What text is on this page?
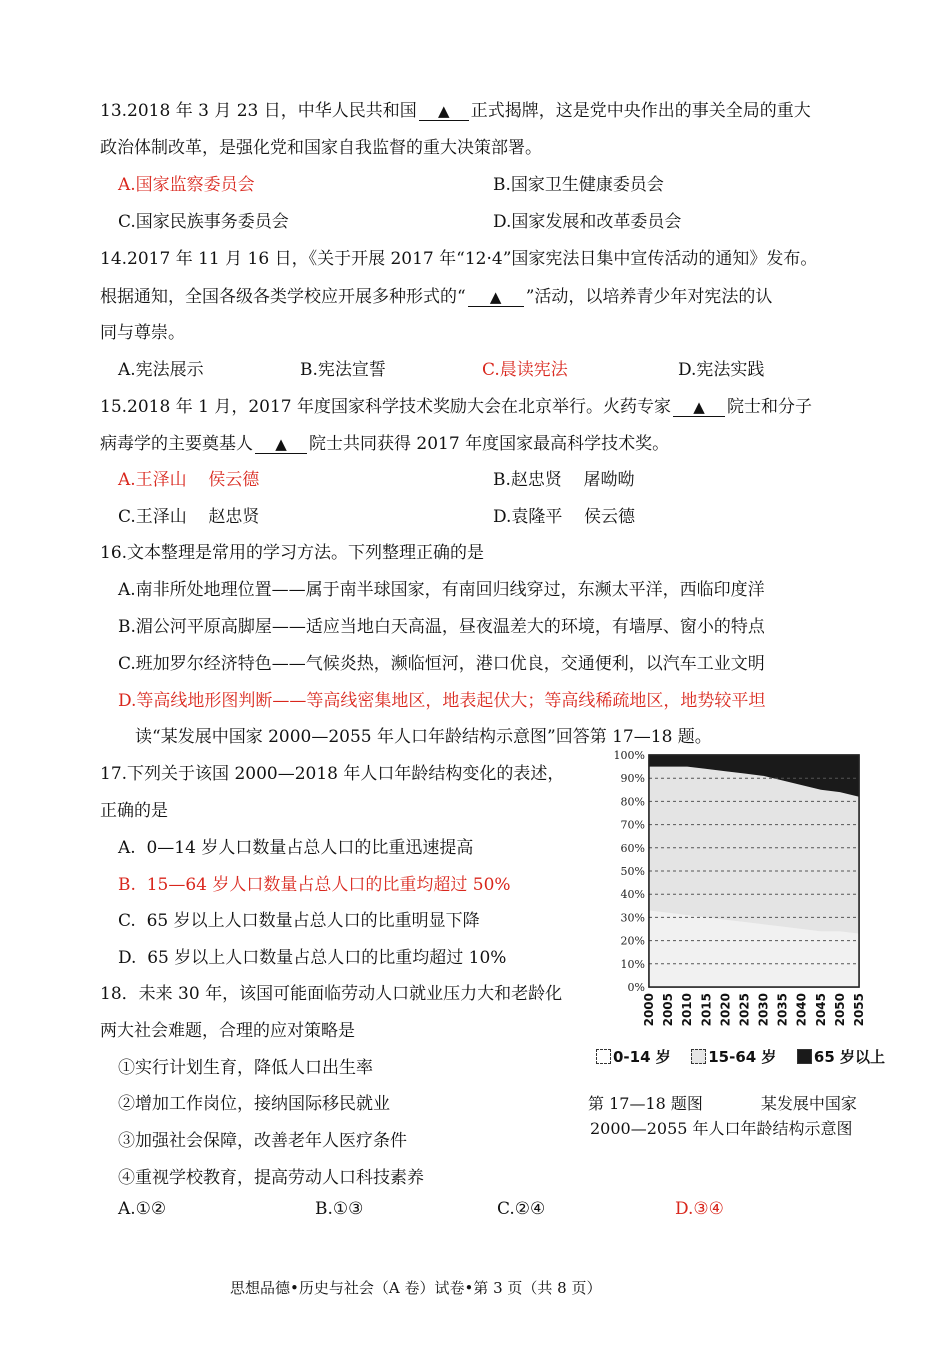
13.2018 年 3 月 23 日，中华人民共和国 ▲ 正式揭牌，这是党中央作出的事关全局的重大
政治体制改革，是强化党和国家自我监督的重大决策部署。
A.国家监察委员会	B.国家卫生健康委员会
C.国家民族事务委员会	D.国家发展和改革委员会
14.2017 年 11 月 16 日，《关于开展 2017 年“12·4”国家宪法日集中宣传活动的通知》发布。
根据通知，全国各级各类学校应开展多种形式的“ ▲ ”活动，以培养青少年对宪法的认
同与尊崇。
A.宪法展示	B.宪法宣誓	C.晨读宪法	D.宪法实践
15.2018 年 1 月，2017 年度国家科学技术奖励大会在北京举行。火药专家 ▲ 院士和分子
病毒学的主要奠基人 ▲ 院士共同获得 2017 年度国家最高科学技术奖。
A.王泽山    侯云德	B.赵忠贤    屠呦呦
C.王泽山    赵忠贤	D.袁隆平    侯云德
16.文本整理是常用的学习方法。下列整理正确的是
A.南非所处地理位置——属于南半球国家，有南回归线穿过，东濒太平洋，西临印度洋
B.湄公河平原高脚屋——适应当地白天高温，昼夜温差大的环境，有墙厚、窗小的特点
C.班加罗尔经济特色——气候炎热，濒临恒河，港口优良，交通便利，以汽车工业文明
D.等高线地形图判断——等高线密集地区，地表起伏大；等高线稀疏地区，地势较平坦
读“某发展中国家 2000—2055 年人口年龄结构示意图”回答第 17—18 题。
17.下列关于该国 2000—2018 年人口年龄结构变化的表述，
正确的是
A.  0—14 岁人口数量占总人口的比重迅速提高
B.  15—64 岁人口数量占总人口的比重均超过 50%
C.  65 岁以上人口数量占总人口的比重明显下降
D.  65 岁以上人口数量占总人口的比重均超过 10%
18．未来 30 年，该国可能面临劳动人口就业压力大和老龄化
两大社会难题，合理的应对策略是
①实行计划生育，降低人口出生率
②增加工作岗位，接纳国际移民就业
③加强社会保障，改善老年人医疗条件
④重视学校教育，提高劳动人口科技素养
A.①②	B.①③	C.②④	D.③④
0%
10%
20%
30%
40%
50%
60%
70%
80%
90%
100%
2000 2005 2010 2015 2020 2025 2030 2035 2040 2045 2050 2055
0-14 岁 15-64 岁 65 岁以上
第 17—18 题图	某发展中国家
2000—2055 年人口年龄结构示意图
思想品德•历史与社会（A 卷）试卷•第 3 页（共 8 页）
